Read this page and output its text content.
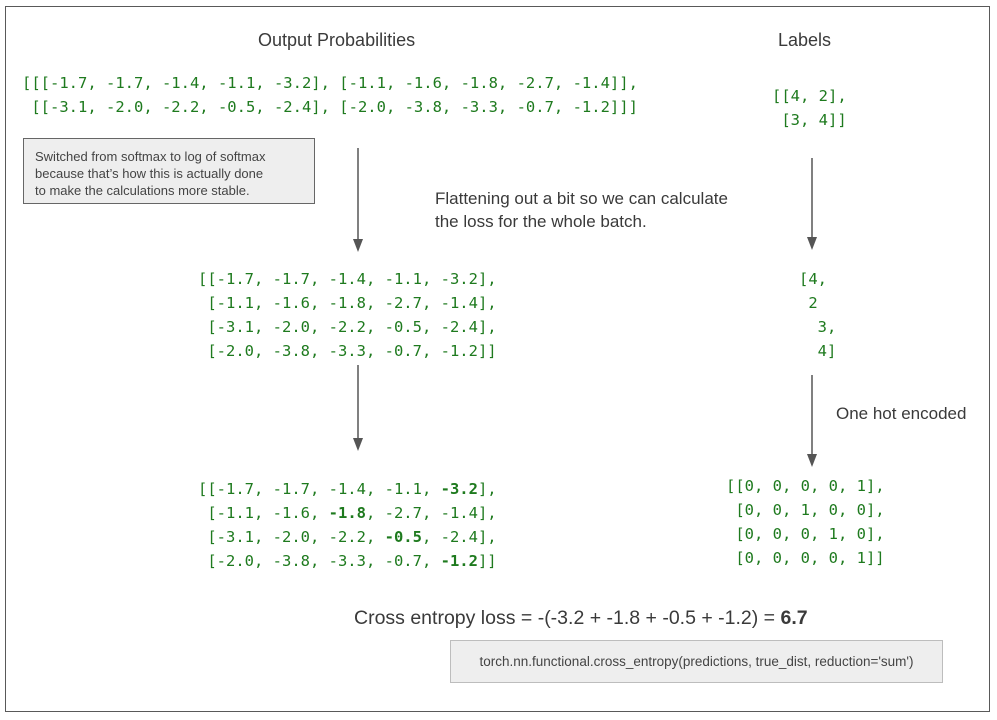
Output Probabilities	Labels
[[[-1.7, -1.7, -1.4, -1.1, -3.2], [-1.1, -1.6, -1.8, -2.7, -1.4]],
[[-3.1, -2.0, -2.2, -0.5, -2.4], [-2.0, -3.8, -3.3, -0.7, -1.2]]]
[[4, 2],
[3, 4]]
Switched from softmax to log of softmax
because that’s how this is actually done
to make the calculations more stable.	Flattening out a bit so we can calculate
the loss for the whole batch.
[[-1.7, -1.7, -1.4, -1.1, -3.2],
[-1.1, -1.6, -1.8, -2.7, -1.4],
[-3.1, -2.0, -2.2, -0.5, -2.4],
[-2.0, -3.8, -3.3, -0.7, -1.2]]
[4,
2
3,
4]
One hot encoded
[[-1.7, -1.7, -1.4, -1.1, -3.2],
[-1.1, -1.6, -1.8, -2.7, -1.4],
[-3.1, -2.0, -2.2, -0.5, -2.4],
[-2.0, -3.8, -3.3, -0.7, -1.2]]
[[0, 0, 0, 0, 1],
[0, 0, 1, 0, 0],
[0, 0, 0, 1, 0],
[0, 0, 0, 0, 1]]
Cross entropy loss = -(-3.2 + -1.8 + -0.5 + -1.2) = 6.7
torch.nn.functional.cross_entropy(predictions, true_dist, reduction='sum')
